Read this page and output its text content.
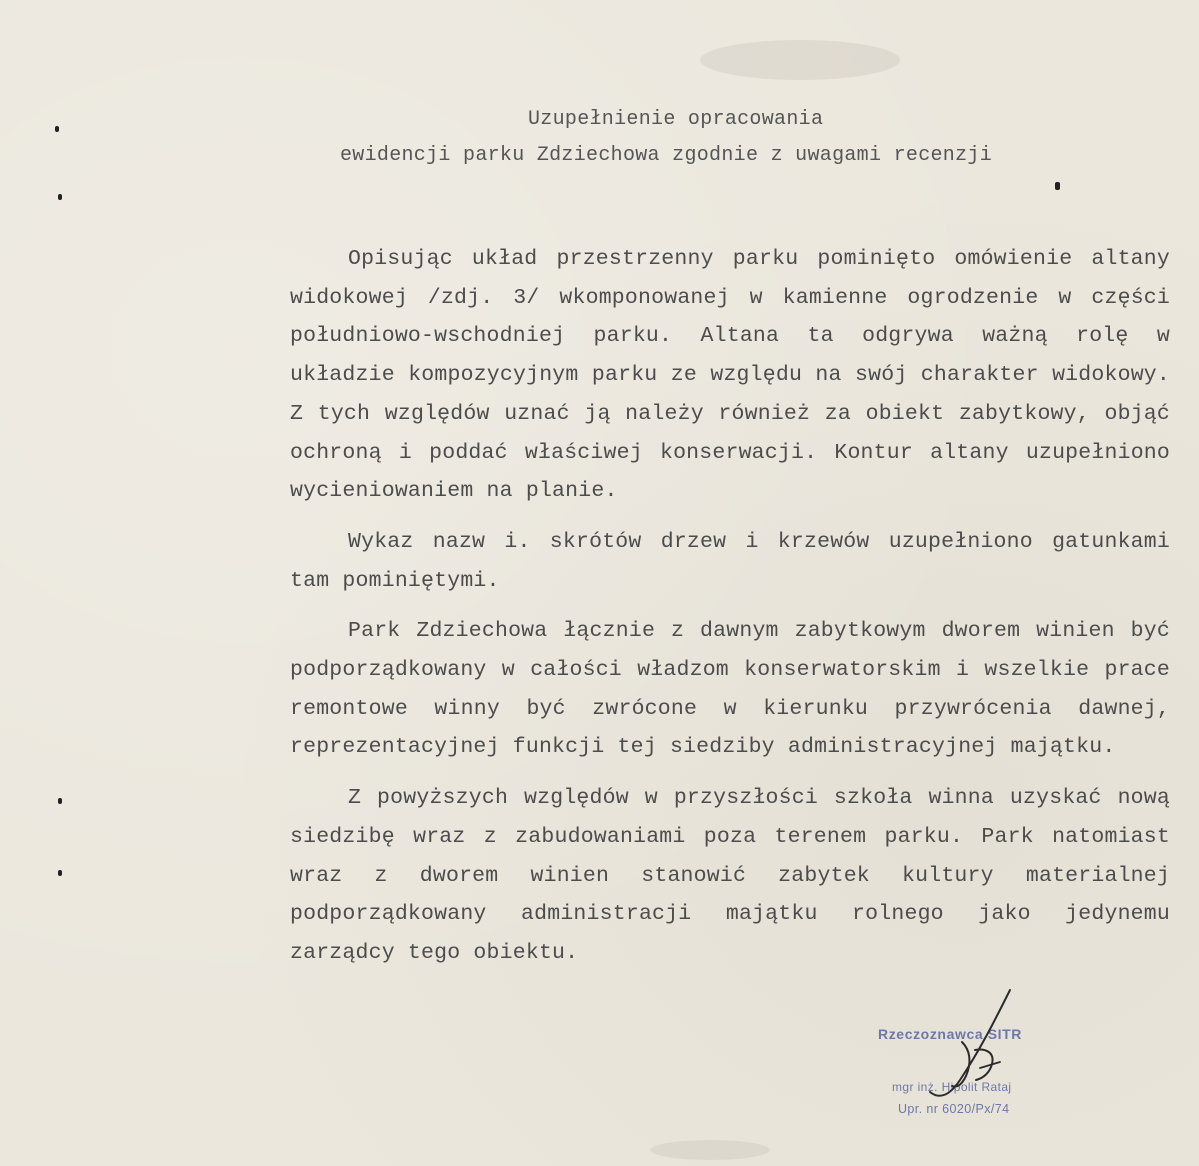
Uzupełnienie opracowania
ewidencji parku Zdziechowa zgodnie z uwagami recenzji

Opisując układ przestrzenny parku pominięto omówienie altany widokowej /zdj. 3/ wkomponowanej w kamienne ogrodzenie w części południowo-wschodniej parku. Altana ta odgrywa ważną rolę w układzie kompozycyjnym parku ze względu na swój charakter widokowy. Z tych względów uznać ją należy również za obiekt zabytkowy, objąć ochroną i poddać właściwej konserwacji. Kontur altany uzupełniono wycieniowaniem na planie.

Wykaz nazw i. skrótów drzew i krzewów uzupełniono gatunkami tam pominiętymi.

Park Zdziechowa łącznie z dawnym zabytkowym dworem winien być podporządkowany w całości władzom konserwatorskim i wszelkie prace remontowe winny być zwrócone w kierunku przywrócenia dawnej, reprezentacyjnej funkcji tej siedziby administracyjnej majątku.

Z powyższych względów w przyszłości szkoła winna uzyskać nową siedzibę wraz z zabudowaniami poza terenem parku. Park natomiast wraz z dworem winien stanowić zabytek kultury materialnej podporządkowany administracji majątku rolnego jako jedynemu zarządcy tego obiektu.

Rzeczoznawca SITR
mgr inż. Hipolit Rataj
Upr. nr 6020/Px/74
